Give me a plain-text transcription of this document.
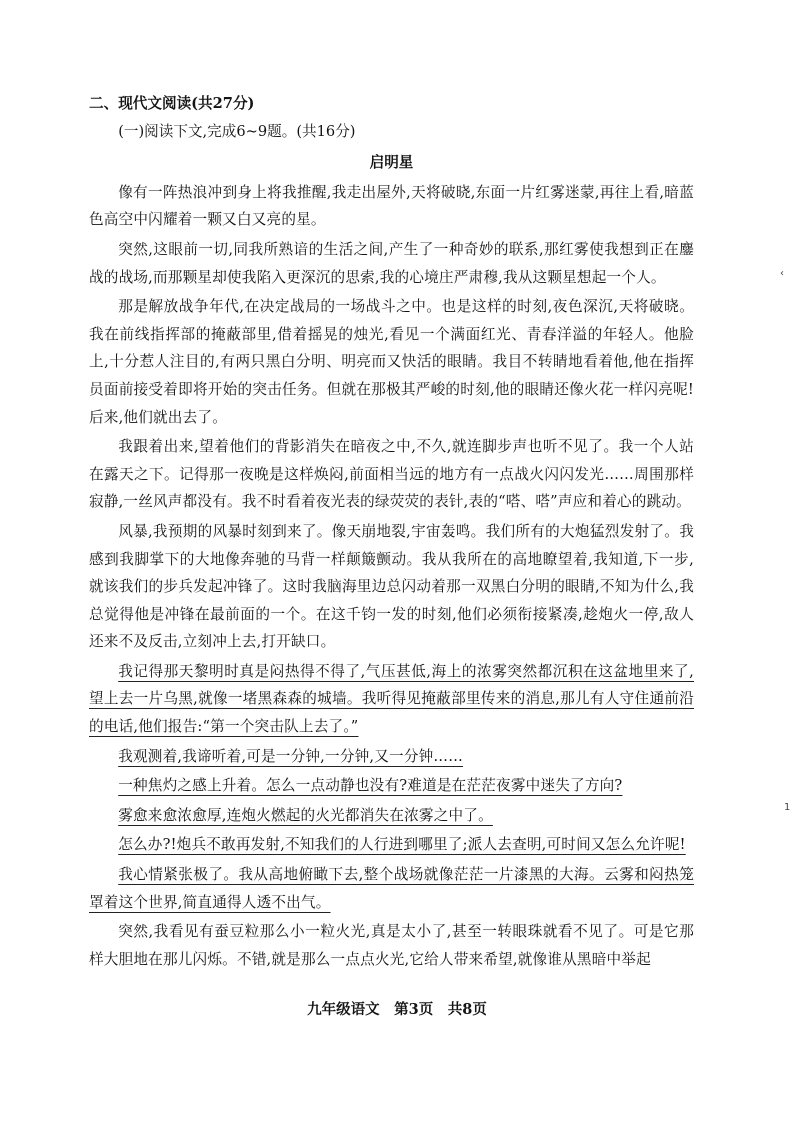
二、现代文阅读(共27分)

(一)阅读下文,完成6~9题。(共16分)

启明星

像有一阵热浪冲到身上将我推醒,我走出屋外,天将破晓,东面一片红雾迷蒙,再往上看,暗蓝色高空中闪耀着一颗又白又亮的星。

突然,这眼前一切,同我所熟谙的生活之间,产生了一种奇妙的联系,那红雾使我想到正在鏖战的战场,而那颗星却使我陷入更深沉的思索,我的心境庄严肃穆,我从这颗星想起一个人。

那是解放战争年代,在决定战局的一场战斗之中。也是这样的时刻,夜色深沉,天将破晓。我在前线指挥部的掩蔽部里,借着摇晃的烛光,看见一个满面红光、青春洋溢的年轻人。他脸上,十分惹人注目的,有两只黑白分明、明亮而又快活的眼睛。我目不转睛地看着他,他在指挥员面前接受着即将开始的突击任务。但就在那极其严峻的时刻,他的眼睛还像火花一样闪亮呢!后来,他们就出去了。

我跟着出来,望着他们的背影消失在暗夜之中,不久,就连脚步声也听不见了。我一个人站在露天之下。记得那一夜晚是这样焕闷,前面相当远的地方有一点战火闪闪发光……周围那样寂静,一丝风声都没有。我不时看着夜光表的绿荧荧的表针,表的“嗒、嗒”声应和着心的跳动。

风暴,我预期的风暴时刻到来了。像天崩地裂,宇宙轰鸣。我们所有的大炮猛烈发射了。我感到我脚掌下的大地像奔驰的马背一样颠簸颤动。我从我所在的高地瞭望着,我知道,下一步,就该我们的步兵发起冲锋了。这时我脑海里边总闪动着那一双黑白分明的眼睛,不知为什么,我总觉得他是冲锋在最前面的一个。在这千钧一发的时刻,他们必须衔接紧凑,趁炮火一停,敌人还来不及反击,立刻冲上去,打开缺口。

我记得那天黎明时真是闷热得不得了,气压甚低,海上的浓雾突然都沉积在这盆地里来了,望上去一片乌黑,就像一堵黑森森的城墙。我听得见掩蔽部里传来的消息,那儿有人守住通前沿的电话,他们报告:“第一个突击队上去了。”

我观测着,我谛听着,可是一分钟,一分钟,又一分钟……

一种焦灼之感上升着。怎么一点动静也没有?难道是在茫茫夜雾中迷失了方向?

雾愈来愈浓愈厚,连炮火燃起的火光都消失在浓雾之中了。

怎么办?!炮兵不敢再发射,不知我们的人行进到哪里了;派人去查明,可时间又怎么允许呢!

我心情紧张极了。我从高地俯瞰下去,整个战场就像茫茫一片漆黑的大海。云雾和闷热笼罩着这个世界,简直通得人透不出气。

突然,我看见有蚕豆粒那么小一粒火光,真是太小了,甚至一转眼珠就看不见了。可是它那样大胆地在那儿闪烁。不错,就是那么一点点火光,它给人带来希望,就像谁从黑暗中举起

‹
1
九年级语文　第3页　共8页
